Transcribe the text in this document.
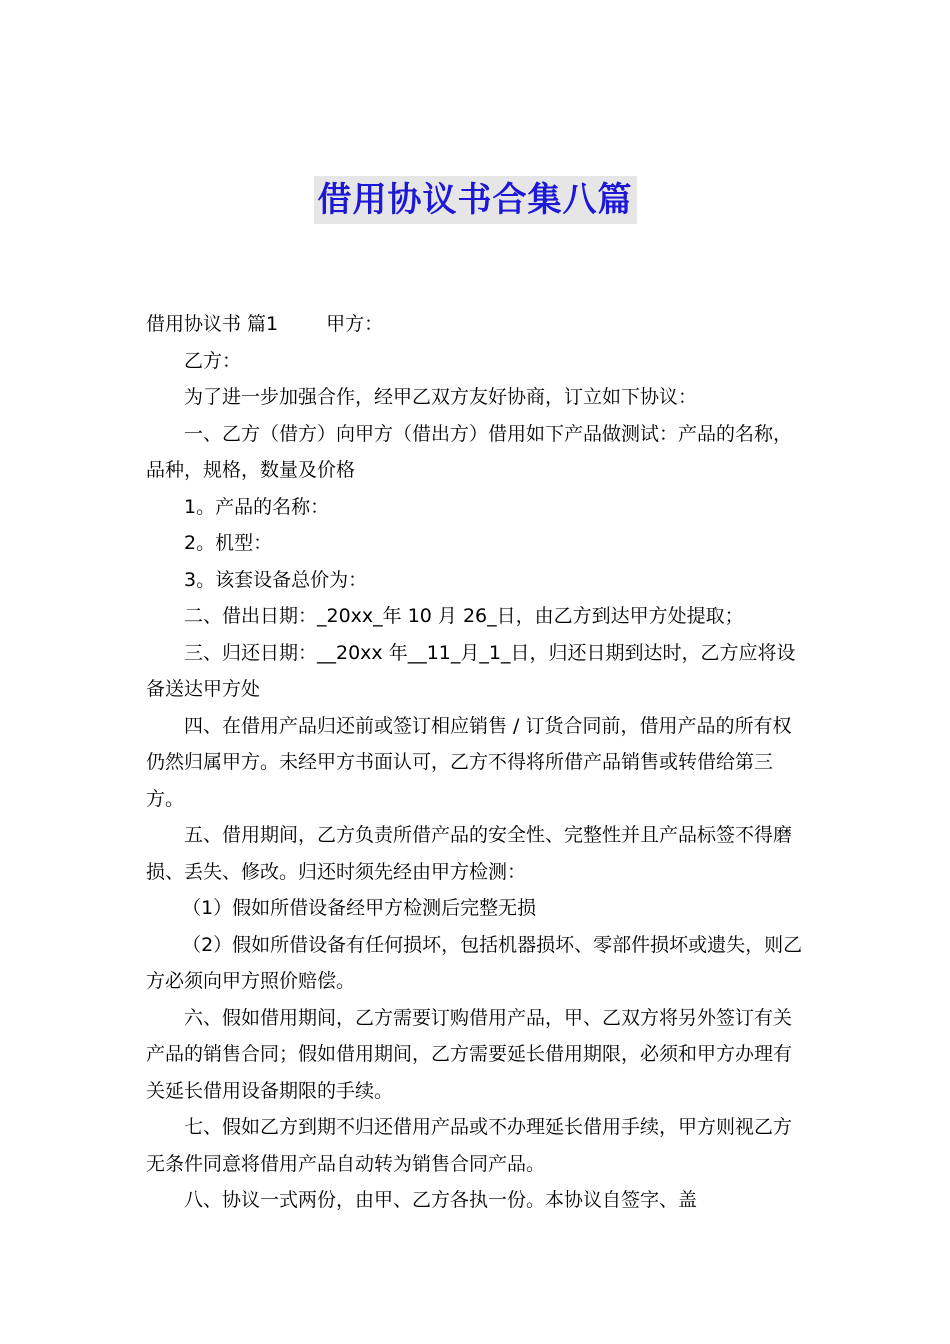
借用协议书合集八篇

借用协议书 篇1	甲方：

乙方：

为了进一步加强合作，经甲乙双方友好协商，订立如下协议：

一、乙方（借方）向甲方（借出方）借用如下产品做测试：产品的名称，品种，规格，数量及价格

1。产品的名称：

2。机型：

3。该套设备总价为：

二、借出日期：_20xx_年 10 月 26_日，由乙方到达甲方处提取；

三、归还日期：__20xx 年__11_月_1_日，归还日期到达时，乙方应将设备送达甲方处

四、在借用产品归还前或签订相应销售 / 订货合同前，借用产品的所有权仍然归属甲方。未经甲方书面认可，乙方不得将所借产品销售或转借给第三方。

五、借用期间，乙方负责所借产品的安全性、完整性并且产品标签不得磨损、丢失、修改。归还时须先经由甲方检测：

（1）假如所借设备经甲方检测后完整无损

（2）假如所借设备有任何损坏，包括机器损坏、零部件损坏或遗失，则乙方必须向甲方照价赔偿。

六、假如借用期间，乙方需要订购借用产品，甲、乙双方将另外签订有关产品的销售合同；假如借用期间，乙方需要延长借用期限，必须和甲方办理有关延长借用设备期限的手续。

七、假如乙方到期不归还借用产品或不办理延长借用手续，甲方则视乙方无条件同意将借用产品自动转为销售合同产品。

八、协议一式两份，由甲、乙方各执一份。本协议自签字、盖
